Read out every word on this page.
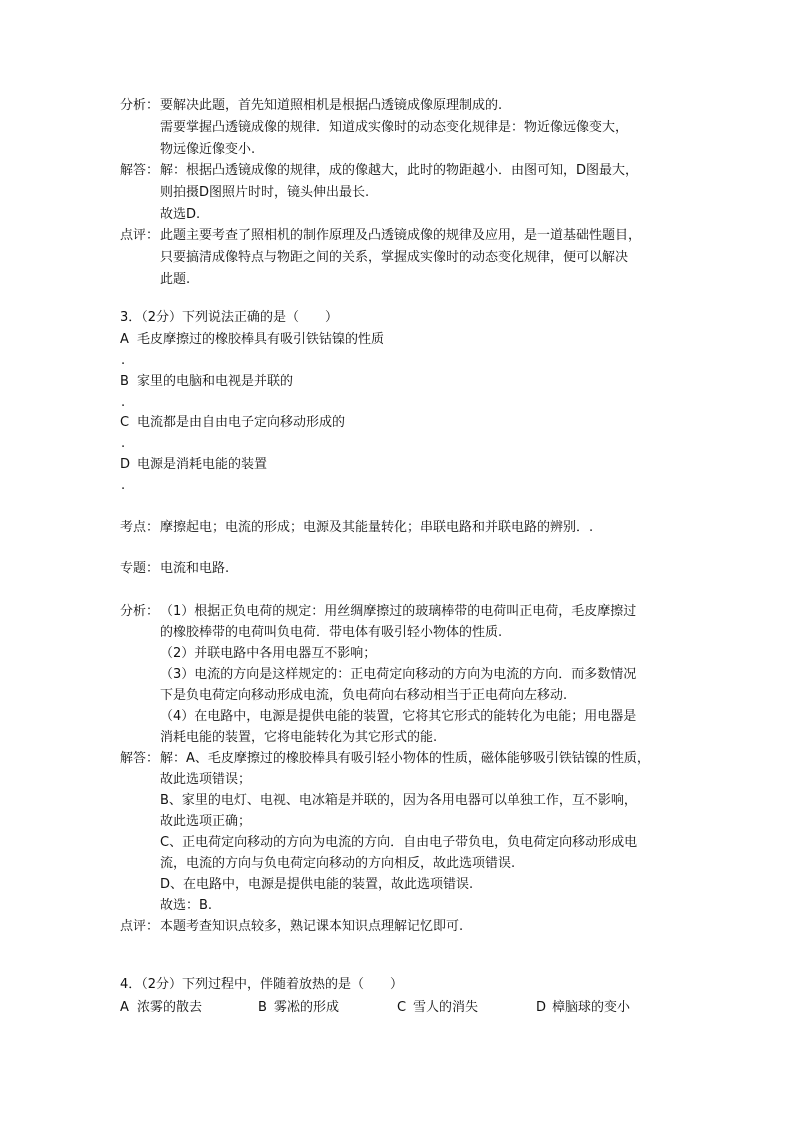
分析： 要解决此题，首先知道照相机是根据凸透镜成像原理制成的.
需要掌握凸透镜成像的规律．知道成实像时的动态变化规律是：物近像远像变大，
物远像近像变小.
解答： 解：根据凸透镜成像的规律，成的像越大，此时的物距越小．由图可知，D图最大，
则拍摄D图照片时时，镜头伸出最长.
故选D.
点评： 此题主要考查了照相机的制作原理及凸透镜成像的规律及应用，是一道基础性题目，
只要搞清成像特点与物距之间的关系，掌握成实像时的动态变化规律，便可以解决
此题.
3．（2分）下列说法正确的是（　　）
A 毛皮摩擦过的橡胶棒具有吸引铁钴镍的性质
.
B 家里的电脑和电视是并联的
.
C 电流都是由自由电子定向移动形成的
.
D 电源是消耗电能的装置
.
考点： 摩擦起电；电流的形成；电源及其能量转化；串联电路和并联电路的辨别．.
专题： 电流和电路.
分析： （1）根据正负电荷的规定：用丝绸摩擦过的玻璃棒带的电荷叫正电荷，毛皮摩擦过
的橡胶棒带的电荷叫负电荷．带电体有吸引轻小物体的性质.
（2）并联电路中各用电器互不影响；
（3）电流的方向是这样规定的：正电荷定向移动的方向为电流的方向．而多数情况
下是负电荷定向移动形成电流，负电荷向右移动相当于正电荷向左移动.
（4）在电路中，电源是提供电能的装置，它将其它形式的能转化为电能；用电器是
消耗电能的装置，它将电能转化为其它形式的能.
解答： 解：A、毛皮摩擦过的橡胶棒具有吸引轻小物体的性质，磁体能够吸引铁钴镍的性质，
故此选项错误；
B、家里的电灯、电视、电冰箱是并联的，因为各用电器可以单独工作，互不影响，
故此选项正确；
C、正电荷定向移动的方向为电流的方向．自由电子带负电，负电荷定向移动形成电
流，电流的方向与负电荷定向移动的方向相反，故此选项错误.
D、在电路中，电源是提供电能的装置，故此选项错误.
故选：B.
点评： 本题考查知识点较多，熟记课本知识点理解记忆即可.
4．（2分）下列过程中，伴随着放热的是（　　）
A 浓雾的散去	B 雾凇的形成	C 雪人的消失	D 樟脑球的变小
